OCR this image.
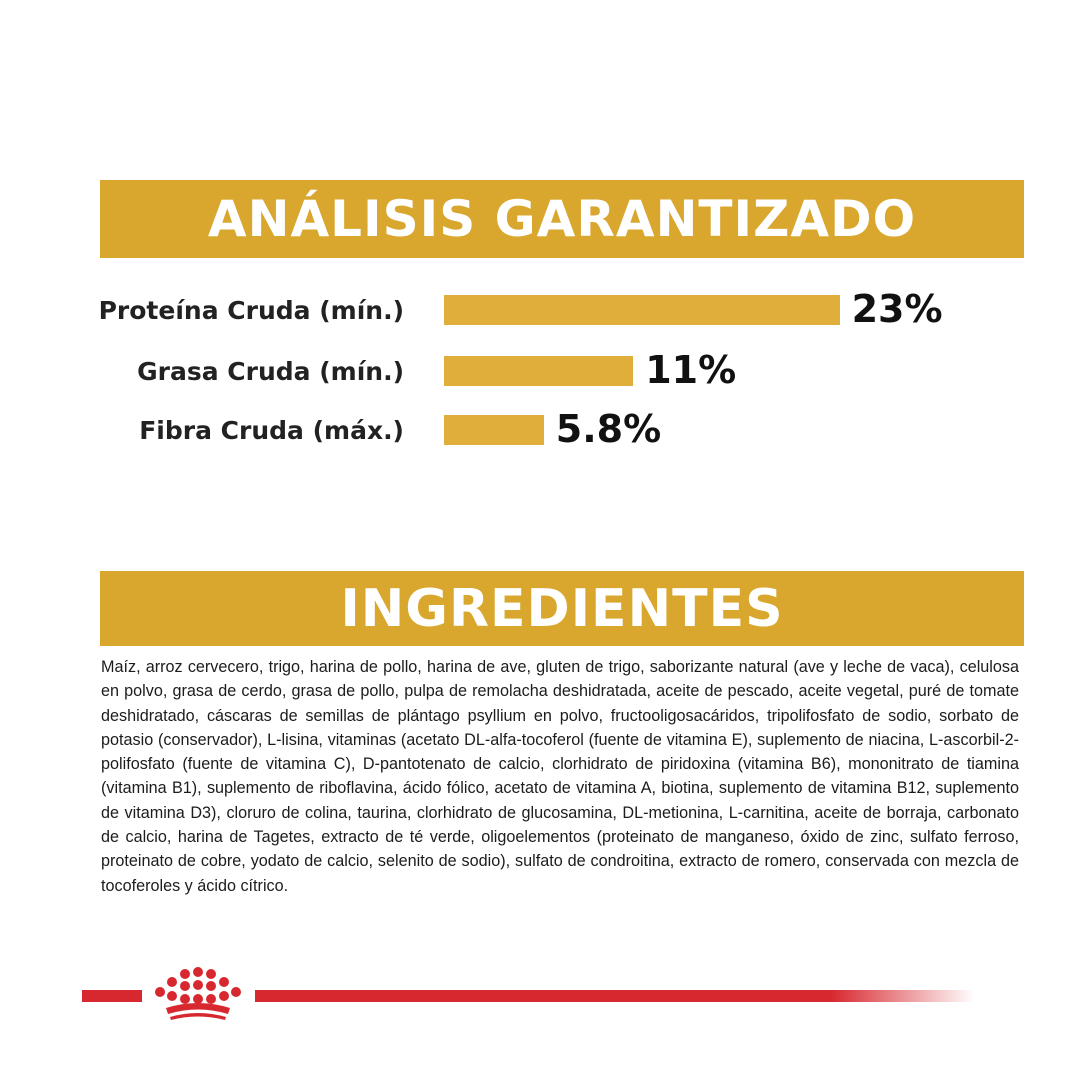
ANÁLISIS GARANTIZADO
Proteína Cruda (mín.)	23%
Grasa Cruda (mín.)	11%
Fibra Cruda (máx.)	5.8%
INGREDIENTES

Maíz, arroz cervecero, trigo, harina de pollo, harina de ave, gluten de trigo, saborizante natural (ave y leche de vaca), celulosa en polvo, grasa de cerdo, grasa de pollo, pulpa de remolacha deshidratada, aceite de pescado, aceite vegetal, puré de tomate deshidratado, cáscaras de semillas de plántago psyllium en polvo, fructooligosacáridos, tripolifosfato de sodio, sorbato de potasio (conservador), L-lisina, vitaminas (acetato DL-alfa-tocoferol (fuente de vitamina E), suplemento de niacina, L-ascorbil-2-polifosfato (fuente de vitamina C), D-pantotenato de calcio, clorhidrato de piridoxina (vitamina B6), mononitrato de tiamina (vitamina B1), suplemento de riboflavina, ácido fólico, acetato de vitamina A, biotina, suplemento de vitamina B12, suplemento de vitamina D3), cloruro de colina, taurina, clorhidrato de glucosamina, DL-metionina, L-carnitina, aceite de borraja, carbonato de calcio, harina de Tagetes, extracto de té verde, oligoelementos (proteinato de manganeso, óxido de zinc, sulfato ferroso, proteinato de cobre, yodato de calcio, selenito de sodio), sulfato de condroitina, extracto de romero, conservada con mezcla de tocoferoles y ácido cítrico.
